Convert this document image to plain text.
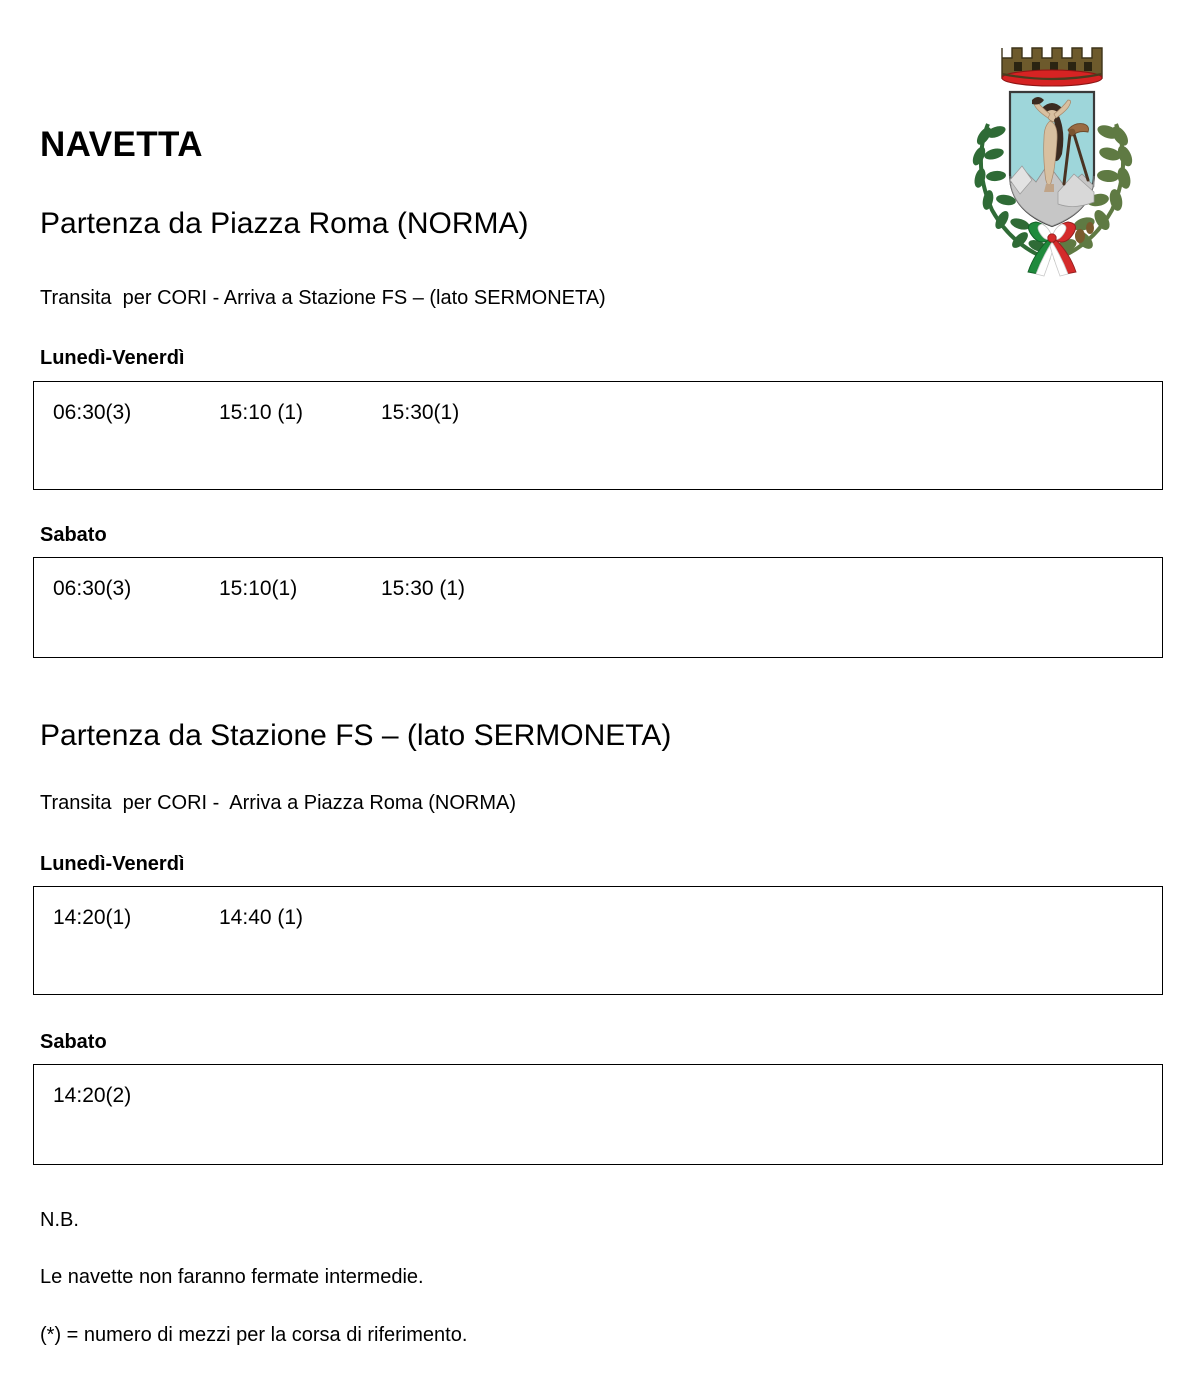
NAVETTA
Partenza da Piazza Roma (NORMA)
Transita  per CORI - Arriva a Stazione FS – (lato SERMONETA)
Lunedì-Venerdì
06:30(3)	15:10 (1)	15:30(1)
Sabato
06:30(3)	15:10(1)	15:30 (1)
Partenza da Stazione FS – (lato SERMONETA)
Transita  per CORI -  Arriva a Piazza Roma (NORMA)
Lunedì-Venerdì
14:20(1)	14:40 (1)
Sabato
14:20(2)
N.B.
Le navette non faranno fermate intermedie.
(*) = numero di mezzi per la corsa di riferimento.
